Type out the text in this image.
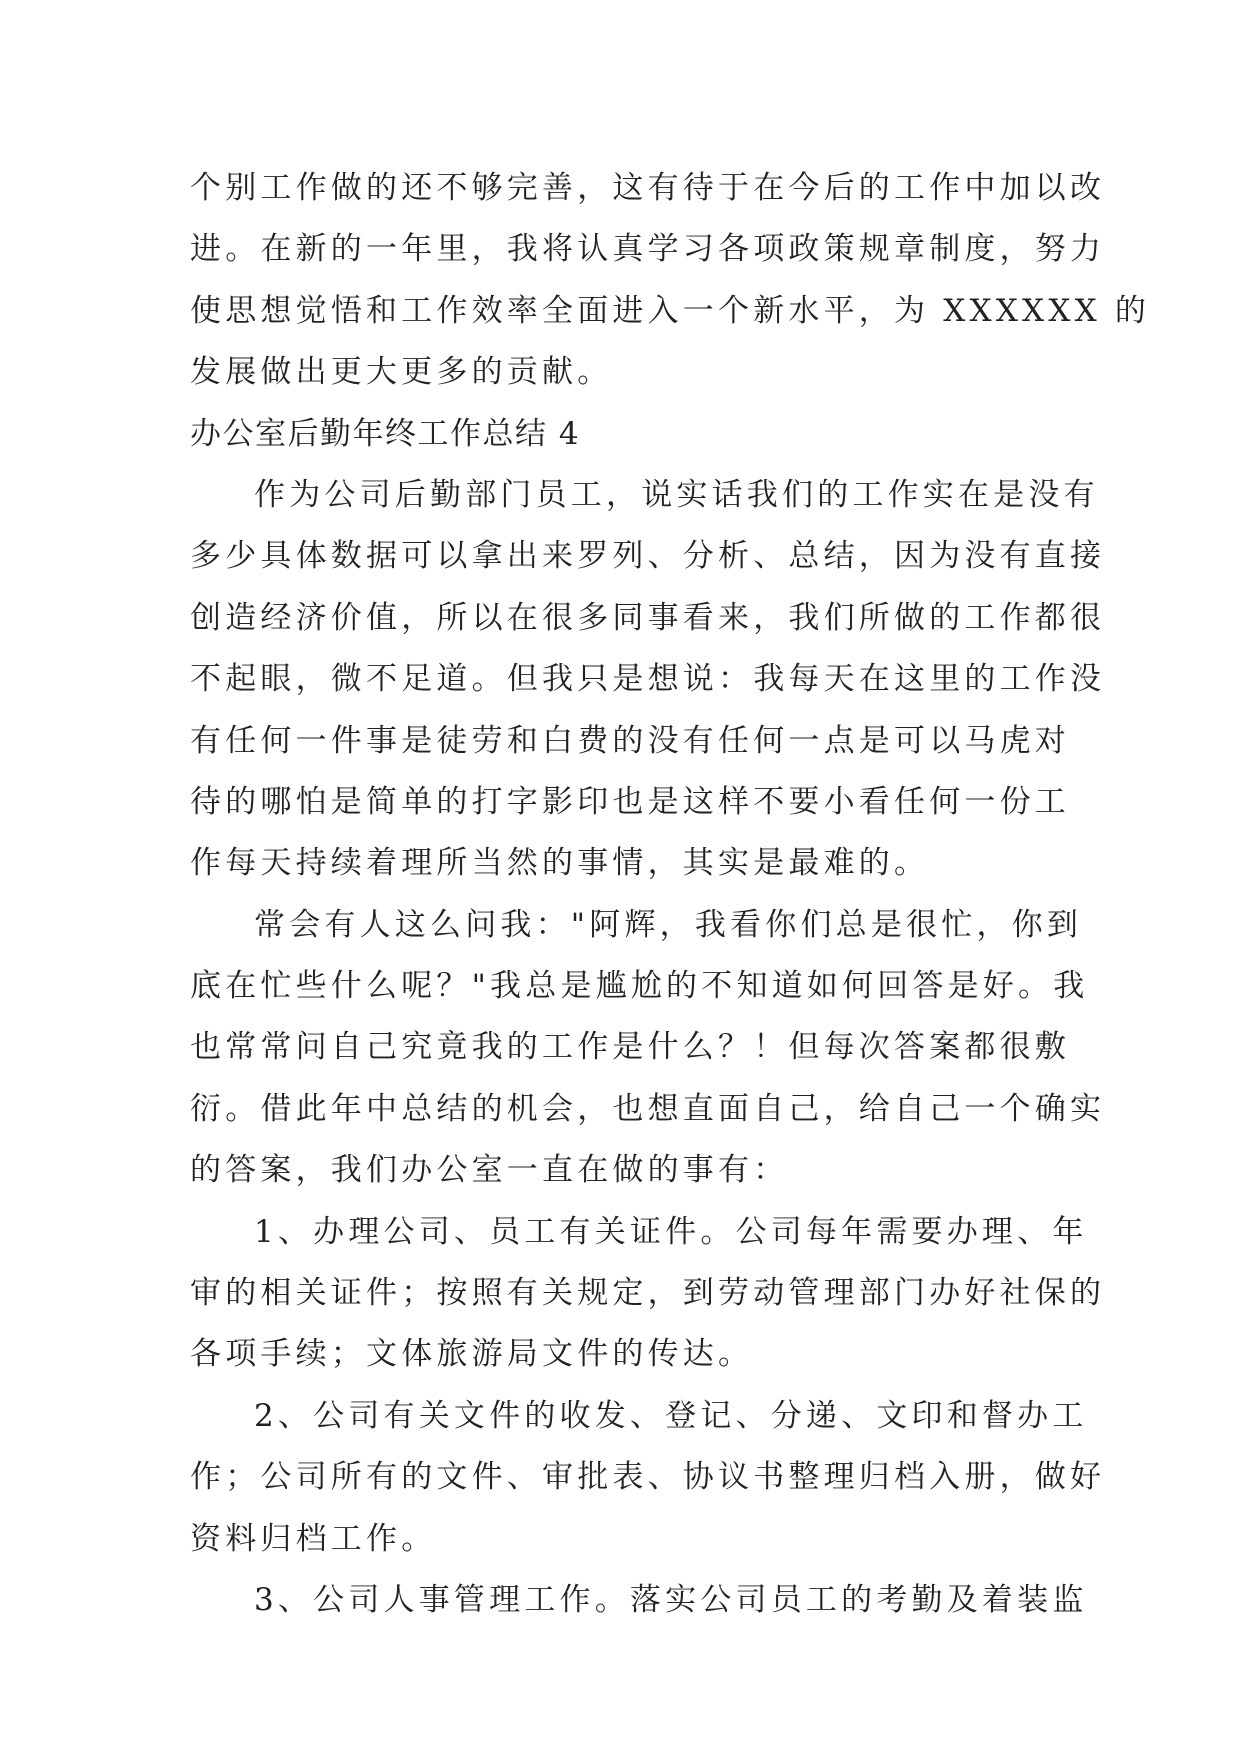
个别工作做的还不够完善，这有待于在今后的工作中加以改
进。在新的一年里，我将认真学习各项政策规章制度，努力
使思想觉悟和工作效率全面进入一个新水平，为 XXXXXX 的
发展做出更大更多的贡献。
办公室后勤年终工作总结 4
作为公司后勤部门员工，说实话我们的工作实在是没有
多少具体数据可以拿出来罗列、分析、总结，因为没有直接
创造经济价值，所以在很多同事看来，我们所做的工作都很
不起眼，微不足道。但我只是想说：我每天在这里的工作没
有任何一件事是徒劳和白费的没有任何一点是可以马虎对
待的哪怕是简单的打字影印也是这样不要小看任何一份工
作每天持续着理所当然的事情，其实是最难的。
常会有人这么问我："阿辉，我看你们总是很忙，你到
底在忙些什么呢？"我总是尴尬的不知道如何回答是好。我
也常常问自己究竟我的工作是什么？！但每次答案都很敷
衍。借此年中总结的机会，也想直面自己，给自己一个确实
的答案，我们办公室一直在做的事有：
1、办理公司、员工有关证件。公司每年需要办理、年
审的相关证件；按照有关规定，到劳动管理部门办好社保的
各项手续；文体旅游局文件的传达。
2、公司有关文件的收发、登记、分递、文印和督办工
作；公司所有的文件、审批表、协议书整理归档入册，做好
资料归档工作。
3、公司人事管理工作。落实公司员工的考勤及着装监
